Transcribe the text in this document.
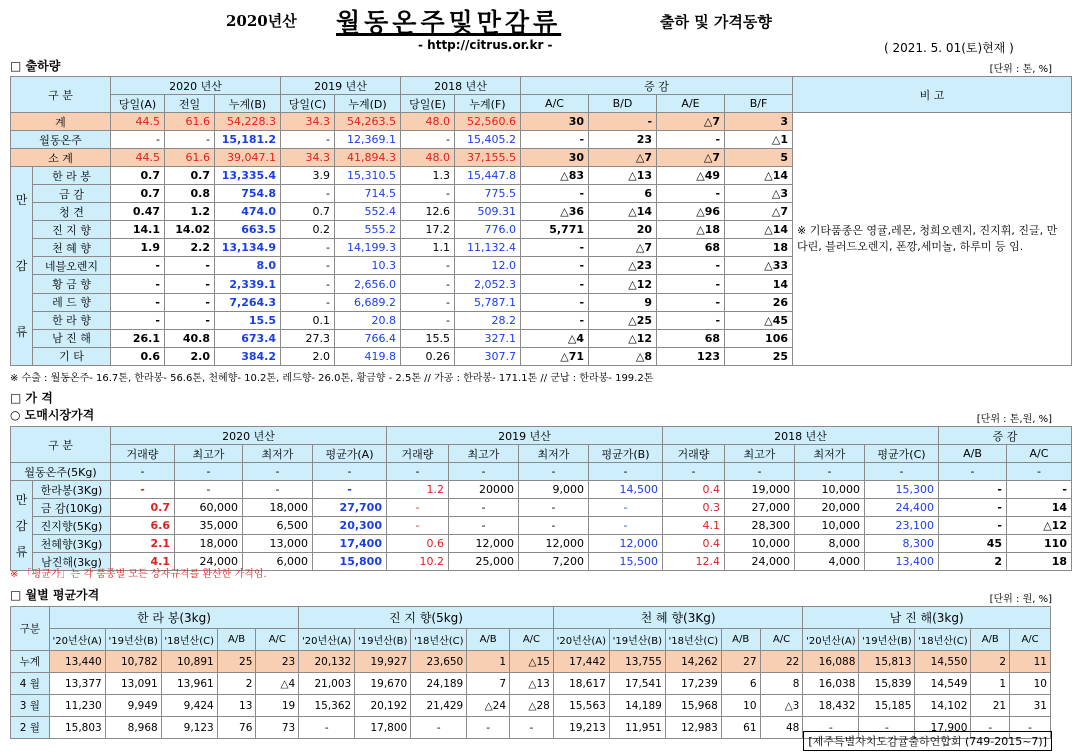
2020년산 월동온주및만감류	출하 및 가격동향
- http://citrus.or.kr -	( 2021. 5. 01(토)현재 )
□ 출하량	[단위 : 톤, %]
구 분		2020 년산			2019 년산		2018 년산		증 감				비 고
		당일(A)	전일	누계(B)	당일(C)	누계(D)	당일(E)	누계(F)	A/C	B/D	A/E	B/F	
계		44.5	61.6	54,228.3	34.3	54,263.5	48.0	52,560.6	30	-	△7	3	※ 기타품종은 영귤,레몬, 청희오렌지, 진지휘, 진글, 만다린, 블러드오렌지, 폰깡,세미놀, 하루미 등 임.

월동온주		-	-	15,181.2	-	12,369.1	-	15,405.2	-	23	-	△1	
소 계		44.5	61.6	39,047.1	34.3	41,894.3	48.0	37,155.5	30	△7	△7	5	

만
감
류	한 라 봉	0.7	0.7	13,335.4	3.9	15,310.5	1.3	15,447.8	△83	△13	△49	△14	
	금 감	0.7	0.8	754.8	-	714.5	-	775.5	-	6	-	△3	
	청 견	0.47	1.2	474.0	0.7	552.4	12.6	509.31	△36	△14	△96	△7	
	진 지 향	14.1	14.02	663.5	0.2	555.2	17.2	776.0	5,771	20	△18	△14	
	천 혜 향	1.9	2.2	13,134.9	-	14,199.3	1.1	11,132.4	-	△7	68	18	
	네블오렌지	-	-	8.0	-	10.3	-	12.0	-	△23	-	△33	
	황 금 향	-	-	2,339.1	-	2,656.0	-	2,052.3	-	△12	-	14	
	레 드 향	-	-	7,264.3	-	6,689.2	-	5,787.1	-	9	-	26	
	한 라 향	-	-	15.5	0.1	20.8	-	28.2	-	△25	-	△45	
	남 진 해	26.1	40.8	673.4	27.3	766.4	15.5	327.1	△4	△12	68	106	
	기 타	0.6	2.0	384.2	2.0	419.8	0.26	307.7	△71	△8	123	25	
※ 수출 : 월동온주- 16.7톤, 한라봉- 56.6톤, 천혜향- 10.2톤, 레드향- 26.0톤, 황금향 - 2.5톤 // 가공 : 한라봉- 171.1톤 // 군납 : 한라봉- 199.2톤
□ 가 격
○ 도매시장가격	[단위 : 톤,원, %]
구 분		2020 년산				2019 년산				2018 년산				증 감	
		거래량	최고가	최저가	평균가(A)	거래량	최고가	최저가	평균가(B)	거래량	최고가	최저가	평균가(C)	A/B	A/C
월동온주(5Kg)		-	-	-	-	-	-	-	-	-	-	-	-	-	-

만
감
류	한라봉(3Kg)	-	-	-	-	1.2	20000	9,000	14,500	0.4	19,000	10,000	15,300	-	-
	금 감(10Kg)	0.7	60,000	18,000	27,700	-	-	-	-	0.3	27,000	20,000	24,400	-	14
	진지향(5Kg)	6.6	35,000	6,500	20,300	-	-	-	-	4.1	28,300	10,000	23,100	-	△12
	천혜향(3Kg)	2.1	18,000	13,000	17,400	0.6	12,000	12,000	12,000	0.4	10,000	8,000	8,300	45	110
	남진해(3kg)	4.1	24,000	6,000	15,800	10.2	25,000	7,200	15,500	12.4	24,000	4,000	13,400	2	18
※ 「평균가」는 각 품종별 모든 상자규격를 환산한 가격임.
□ 월별 평균가격	[단위 : 원, %]
구분	한 라 봉(3kg)					진 지 향(5kg)					천 혜 향(3Kg)					남 진 해(3kg)				
	'20년산(A)	'19년산(B)	'18년산(C)	A/B	A/C	'20년산(A)	'19년산(B)	'18년산(C)	A/B	A/C	'20년산(A)	'19년산(B)	'18년산(C)	A/B	A/C	'20년산(A)	'19년산(B)	'18년산(C)	A/B	A/C
누계	13,440	10,782	10,891	25	23	20,132	19,927	23,650	1	△15	17,442	13,755	14,262	27	22	16,088	15,813	14,550	2	11
4 월	13,377	13,091	13,961	2	△4	21,003	19,670	24,189	7	△13	18,617	17,541	17,239	6	8	16,038	15,839	14,549	1	10
3 월	11,230	9,949	9,424	13	19	15,362	20,192	21,429	△24	△28	15,563	14,189	15,968	10	△3	18,432	15,185	14,102	21	31
2 월	15,803	8,968	9,123	76	73	-	17,800	-	-	-	19,213	11,951	12,983	61	48	-	-	17,900	-	-
[제주특별자치도감귤출하연합회 (749-2015~7)]
